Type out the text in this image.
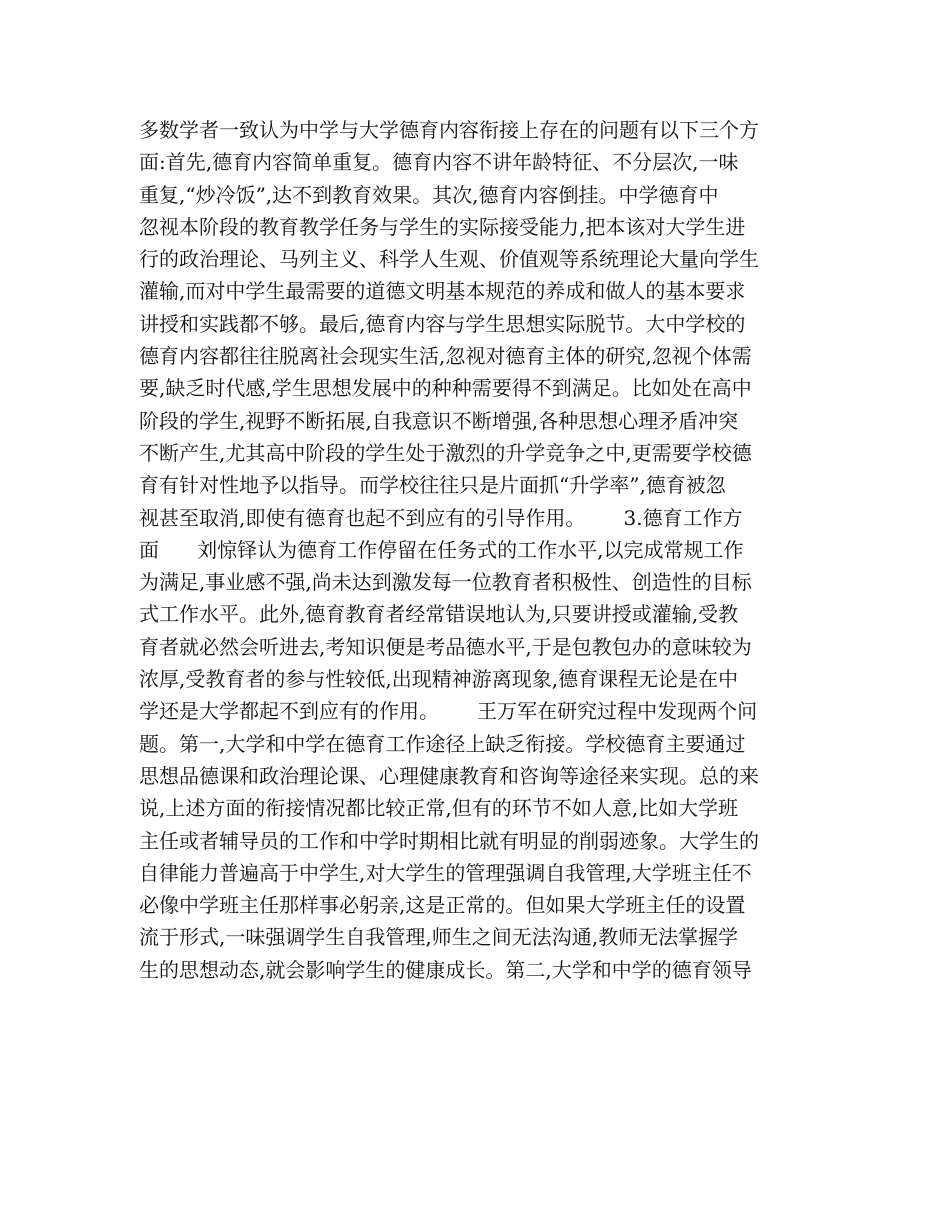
多数学者一致认为中学与大学德育内容衔接上存在的问题有以下三个方
面:首先,德育内容简单重复。德育内容不讲年龄特征、不分层次,一味
重复,“炒冷饭”,达不到教育效果。其次,德育内容倒挂。中学德育中
忽视本阶段的教育教学任务与学生的实际接受能力,把本该对大学生进
行的政治理论、马列主义、科学人生观、价值观等系统理论大量向学生
灌输,而对中学生最需要的道德文明基本规范的养成和做人的基本要求
讲授和实践都不够。最后,德育内容与学生思想实际脱节。大中学校的
德育内容都往往脱离社会现实生活,忽视对德育主体的研究,忽视个体需
要,缺乏时代感,学生思想发展中的种种需要得不到满足。比如处在高中
阶段的学生,视野不断拓展,自我意识不断增强,各种思想心理矛盾冲突
不断产生,尤其高中阶段的学生处于激烈的升学竞争之中,更需要学校德
育有针对性地予以指导。而学校往往只是片面抓“升学率”,德育被忽
视甚至取消,即使有德育也起不到应有的引导作用。      3.德育工作方
面      刘惊铎认为德育工作停留在任务式的工作水平,以完成常规工作
为满足,事业感不强,尚未达到激发每一位教育者积极性、创造性的目标
式工作水平。此外,德育教育者经常错误地认为,只要讲授或灌输,受教
育者就必然会听进去,考知识便是考品德水平,于是包教包办的意味较为
浓厚,受教育者的参与性较低,出现精神游离现象,德育课程无论是在中
学还是大学都起不到应有的作用。      王万军在研究过程中发现两个问
题。第一,大学和中学在德育工作途径上缺乏衔接。学校德育主要通过
思想品德课和政治理论课、心理健康教育和咨询等途径来实现。总的来
说,上述方面的衔接情况都比较正常,但有的环节不如人意,比如大学班
主任或者辅导员的工作和中学时期相比就有明显的削弱迹象。大学生的
自律能力普遍高于中学生,对大学生的管理强调自我管理,大学班主任不
必像中学班主任那样事必躬亲,这是正常的。但如果大学班主任的设置
流于形式,一味强调学生自我管理,师生之间无法沟通,教师无法掌握学
生的思想动态,就会影响学生的健康成长。第二,大学和中学的德育领导
